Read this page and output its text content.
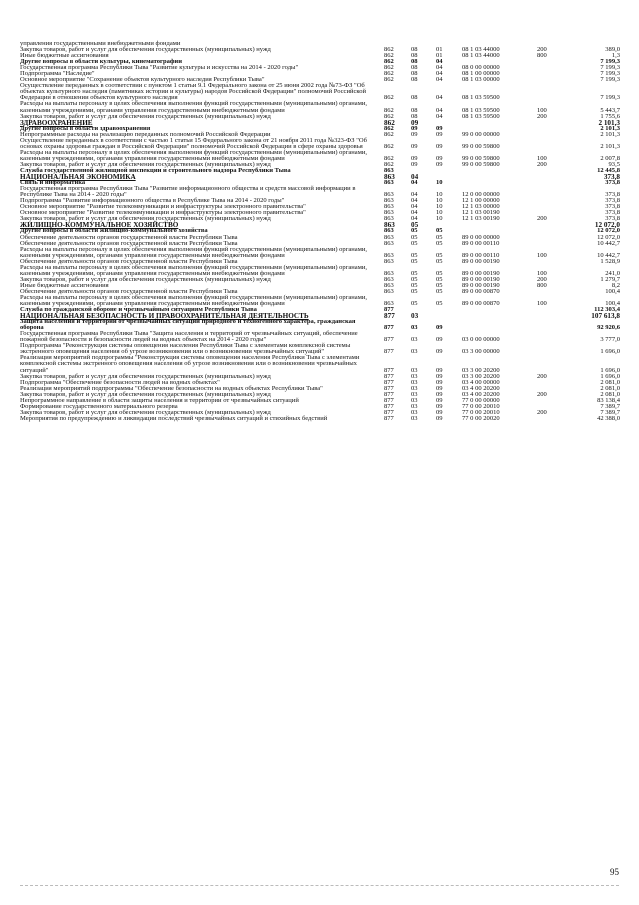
управления государственными внебюджетными фондами
Закупка товаров, работ и услуг для обеспечения государственных (муниципальных) нужд	862	08	01	08 1 03 44000	200	389,0
Иные бюджетные ассигнования	862	08	01	08 1 03 44000	800	1,3
Другие вопросы в области культуры, кинематографии	862	08	04	7 199,3
Государственная программа Республики Тыва "Развитие культуры и искусства на 2014 - 2020 годы"	862	08	04	08 0 00 00000	7 199,3
Подпрограмма "Наследие"	862	08	04	08 1 00 00000	7 199,3
Основное мероприятие "Сохранение объектов культурного наследия Республики Тыва"	862	08	04	08 1 03 00000	7 199,3
Осуществление переданных в соответствии с пунктом 1 статьи 9.1 Федерального закона от 25 июня 2002 года №73-ФЗ "Об объектах культурного наследия (памятниках истории и культуры) народов Российской Федерации" полномочий Российской Федерации в отношении объектов культурного наследия	862	08	04	08 1 03 59500	7 199,3
Расходы на выплаты персоналу в целях обеспечения выполнения функций государственными (муниципальными) органами, казенными учреждениями, органами управления государственными внебюджетными фондами	862	08	04	08 1 03 59500	100	5 443,7
Закупка товаров, работ и услуг для обеспечения государственных (муниципальных) нужд	862	08	04	08 1 03 59500	200	1 755,6
ЗДРАВООХРАНЕНИЕ	862	09	2 101,3
Другие вопросы в области здравоохранения	862	09	09	2 101,3
Непрограммные расходы на реализацию переданных полномочий Российской Федерации	862	09	09	99 0 00 00000	2 101,3
Осуществление переданных в соответствии с частью 1 статьи 15 Федерального закона от 21 ноября 2011 года №323-ФЗ "Об основах охраны здоровья граждан в Российской Федерации" полномочий Российской Федерации в сфере охраны здоровья	862	09	09	99 0 00 59800	2 101,3
Расходы на выплаты персоналу в целях обеспечения выполнения функций государственными (муниципальными) органами, казенными учреждениями, органами управления государственными внебюджетными фондами	862	09	09	99 0 00 59800	100	2 007,8
Закупка товаров, работ и услуг для обеспечения государственных (муниципальных) нужд	862	09	09	99 0 00 59800	200	93,5
Служба государственной жилищной инспекции и строительного надзора Республики Тыва	863	12 445,8
НАЦИОНАЛЬНАЯ ЭКОНОМИКА	863	04	373,8
Связь и информатика	863	04	10	373,8
Государственная программа Республики Тыва "Развитие информационного общества и средств массовой информации в Республике Тыва на 2014 - 2020 годы"	863	04	10	12 0 00 00000	373,8
Подпрограмма "Развитие информационного общества в Республике Тыва на 2014 - 2020 годы"	863	04	10	12 1 00 00000	373,8
Основное мероприятие "Развитие телекоммуникации и инфраструктуры электронного правительства"	863	04	10	12 1 03 00000	373,8
Основное мероприятие "Развитие телекоммуникации и инфраструктуры электронного правительства"	863	04	10	12 1 03 00190	373,8
Закупка товаров, работ и услуг для обеспечения государственных (муниципальных) нужд	863	04	10	12 1 03 00190	200	373,8
ЖИЛИЩНО-КОММУНАЛЬНОЕ ХОЗЯЙСТВО	863	05	12 072,0
Другие вопросы в области жилищно-коммунального хозяйства	863	05	05	12 072,0
Обеспечение деятельности органов государственной власти Республики Тыва	863	05	05	89 0 00 00000	12 072,0
Обеспечение деятельности органов государственной власти Республики Тыва	863	05	05	89 0 00 00110	10 442,7
Расходы на выплаты персоналу в целях обеспечения выполнения функций государственными (муниципальными) органами, казенными учреждениями, органами управления государственными внебюджетными фондами	863	05	05	89 0 00 00110	100	10 442,7
Обеспечение деятельности органов государственной власти Республики Тыва	863	05	05	89 0 00 00190	1 528,9
Расходы на выплаты персоналу в целях обеспечения выполнения функций государственными (муниципальными) органами, казенными учреждениями, органами управления государственными внебюджетными фондами	863	05	05	89 0 00 00190	100	241,0
Закупка товаров, работ и услуг для обеспечения государственных (муниципальных) нужд	863	05	05	89 0 00 00190	200	1 279,7
Иные бюджетные ассигнования	863	05	05	89 0 00 00190	800	8,2
Обеспечение деятельности органов государственной власти Республики Тыва	863	05	05	89 0 00 00870	100,4
Расходы на выплаты персоналу в целях обеспечения выполнения функций государственными (муниципальными) органами, казенными учреждениями, органами управления государственными внебюджетными фондами	863	05	05	89 0 00 00870	100	100,4
Служба по гражданской обороне и чрезвычайным ситуациям Республики Тыва	877	112 303,4
НАЦИОНАЛЬНАЯ БЕЗОПАСНОСТЬ И ПРАВООХРАНИТЕЛЬНАЯ ДЕЯТЕЛЬНОСТЬ	877	03	107 613,8
Защита населения и территории от чрезвычайных ситуаций природного и техногенного характера, гражданская оборона	877	03	09	92 920,6
Государственная программа Республики Тыва "Защита населения и территорий от чрезвычайных ситуаций, обеспечение пожарной безопасности и безопасности людей на водных объектах на 2014 - 2020 годы"	877	03	09	03 0 00 00000	3 777,0
Подпрограмма "Реконструкция системы оповещения населения Республики Тыва с элементами комплексной системы экстренного оповещения населения об угрозе возникновения или о возникновении чрезвычайных ситуаций"	877	03	09	03 3 00 00000	1 696,0
Реализация мероприятий подпрограммы "Реконструкция системы оповещения населения Республики Тыва с элементами комплексной системы экстренного оповещения населения об угрозе возникновения или о возникновении чрезвычайных ситуаций"	877	03	09	03 3 00 20200	1 696,0
Закупка товаров, работ и услуг для обеспечения государственных (муниципальных) нужд	877	03	09	03 3 00 20200	200	1 696,0
Подпрограмма "Обеспечение безопасности людей на водных объектах"	877	03	09	03 4 00 00000	2 081,0
Реализация мероприятий подпрограммы "Обеспечение безопасности на водных объектах Республики Тыва"	877	03	09	03 4 00 20200	2 081,0
Закупка товаров, работ и услуг для обеспечения государственных (муниципальных) нужд	877	03	09	03 4 00 20200	200	2 081,0
Непрограммное направление в области защиты населения и территории от чрезвычайных ситуаций	877	03	09	77 0 00 00000	83 138,4
Формирование государственного материального резерва	877	03	09	77 0 00 20010	7 389,7
Закупка товаров, работ и услуг для обеспечения государственных (муниципальных) нужд	877	03	09	77 0 00 20010	200	7 389,7
Мероприятия по предупреждению и ликвидации последствий чрезвычайных ситуаций и стихийных бедствий	877	03	09	77 0 00 20020	42 388,0
95
